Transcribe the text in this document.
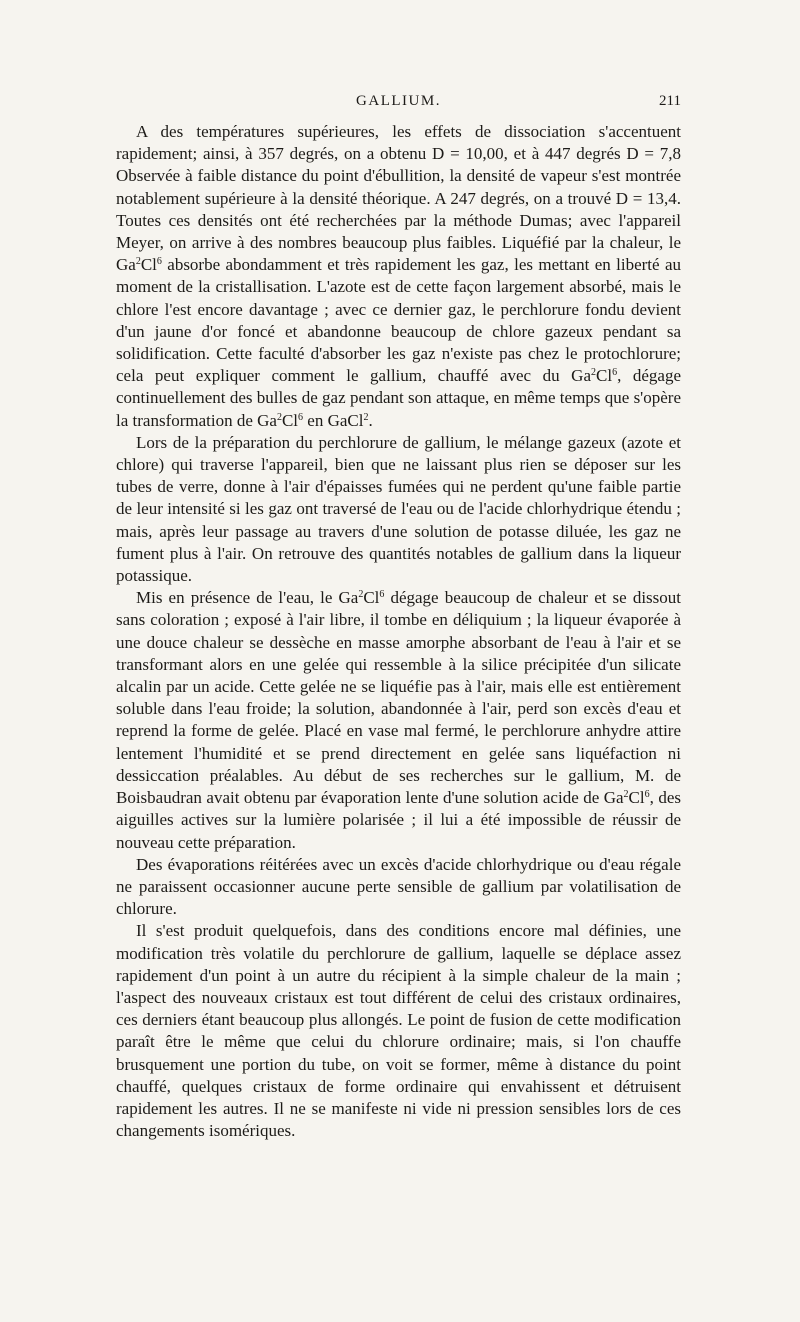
GALLIUM.	211

A des températures supérieures, les effets de dissociation s'accentuent rapidement; ainsi, à 357 degrés, on a obtenu D = 10,00, et à 447 degrés D = 7,8 Observée à faible distance du point d'ébullition, la densité de vapeur s'est montrée notablement supérieure à la densité théorique. A 247 degrés, on a trouvé D = 13,4. Toutes ces densités ont été recherchées par la méthode Dumas; avec l'appareil Meyer, on arrive à des nombres beaucoup plus faibles. Liquéfié par la chaleur, le Ga$^2$Cl$^6$ absorbe abondamment et très rapidement les gaz, les mettant en liberté au moment de la cristallisation. L'azote est de cette façon largement absorbé, mais le chlore l'est encore davantage ; avec ce dernier gaz, le perchlorure fondu devient d'un jaune d'or foncé et abandonne beaucoup de chlore gazeux pendant sa solidification. Cette faculté d'absorber les gaz n'existe pas chez le protochlorure; cela peut expliquer comment le gallium, chauffé avec du Ga$^2$Cl$^6$, dégage continuellement des bulles de gaz pendant son attaque, en même temps que s'opère la transformation de Ga$^2$Cl$^6$ en GaCl$^2$.

Lors de la préparation du perchlorure de gallium, le mélange gazeux (azote et chlore) qui traverse l'appareil, bien que ne laissant plus rien se déposer sur les tubes de verre, donne à l'air d'épaisses fumées qui ne perdent qu'une faible partie de leur intensité si les gaz ont traversé de l'eau ou de l'acide chlorhydrique étendu ; mais, après leur passage au travers d'une solution de potasse diluée, les gaz ne fument plus à l'air. On retrouve des quantités notables de gallium dans la liqueur potassique.

Mis en présence de l'eau, le Ga$^2$Cl$^6$ dégage beaucoup de chaleur et se dissout sans coloration ; exposé à l'air libre, il tombe en déliquium ; la liqueur évaporée à une douce chaleur se dessèche en masse amorphe absorbant de l'eau à l'air et se transformant alors en une gelée qui ressemble à la silice précipitée d'un silicate alcalin par un acide. Cette gelée ne se liquéfie pas à l'air, mais elle est entièrement soluble dans l'eau froide; la solution, abandonnée à l'air, perd son excès d'eau et reprend la forme de gelée. Placé en vase mal fermé, le perchlorure anhydre attire lentement l'humidité et se prend directement en gelée sans liquéfaction ni dessiccation préalables. Au début de ses recherches sur le gallium, M. de Boisbaudran avait obtenu par évaporation lente d'une solution acide de Ga$^2$Cl$^6$, des aiguilles actives sur la lumière polarisée ; il lui a été impossible de réussir de nouveau cette préparation.

Des évaporations réitérées avec un excès d'acide chlorhydrique ou d'eau régale ne paraissent occasionner aucune perte sensible de gallium par volatilisation de chlorure.

Il s'est produit quelquefois, dans des conditions encore mal définies, une modification très volatile du perchlorure de gallium, laquelle se déplace assez rapidement d'un point à un autre du récipient à la simple chaleur de la main ; l'aspect des nouveaux cristaux est tout différent de celui des cristaux ordinaires, ces derniers étant beaucoup plus allongés. Le point de fusion de cette modification paraît être le même que celui du chlorure ordinaire; mais, si l'on chauffe brusquement une portion du tube, on voit se former, même à distance du point chauffé, quelques cristaux de forme ordinaire qui envahissent et détruisent rapidement les autres. Il ne se manifeste ni vide ni pression sensibles lors de ces changements isomériques.
